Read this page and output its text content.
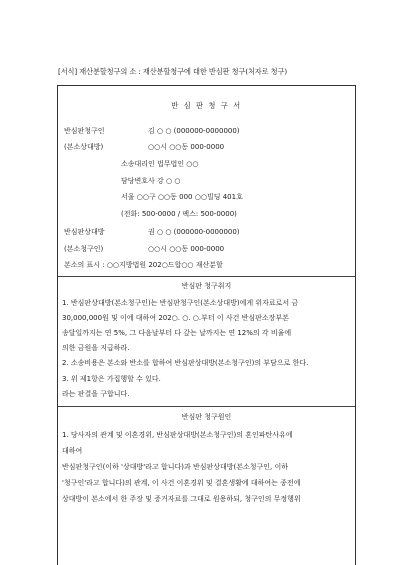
[서식] 재산분할청구의 소 : 재산분할청구에 대한 반심판 청구(처자로 청구)
반 심 판 청 구 서
반심판청구인	김 ○ ○ (000000-0000000)
(본소상대방)	○○시 ○○동 000-0000
소송대리인 법무법인 ○○
담당변호사 강 ○ ○
서울 ○○구 ○○동 000 ○○빌딩 401호
(전화: 500-0000 / 팩스: 500-0000)
반심판상대방	권 ○ ○ (000000-0000000)
(본소청구인)	○○시 ○○동 000-0000
본소의 표시 : ○○지방법원 202○드합○○ 재산분할
반심판 청구취지
1. 반심판상대방(본소청구인)는 반심판청구인(본소상대방)에게 위자료로서 금
30,000,000원 및 이에 대하여 202○. ○. ○.부터 이 사건 반심판소장부본
송달일까지는 연 5%, 그 다음날부터 다 갚는 날까지는 연 12%의 각 비율에
의한 금원을 지급하라.
2. 소송비용은 본소와 반소를 합하여 반심판상대방(본소청구인)의 부담으로 한다.
3. 위 제1항은 가집행할 수 있다.
라는 판결을 구합니다.
반심판 청구원인
1. 당사자의 관계 및 이혼경위, 반심판상대방(본소청구인)의 혼인파탄사유에
대하여
반심판청구인(이하 '상대방'라고 합니다)과 반심판상대방(본소청구인, 이하
'청구인'라고 합니다)의 관계, 이 사건 이혼경위 및 결혼생활에 대하여는 종전에
상대방이 본소에서 한 주장 및 증거자료를 그대로 원용하되, 청구인의 무정행위
